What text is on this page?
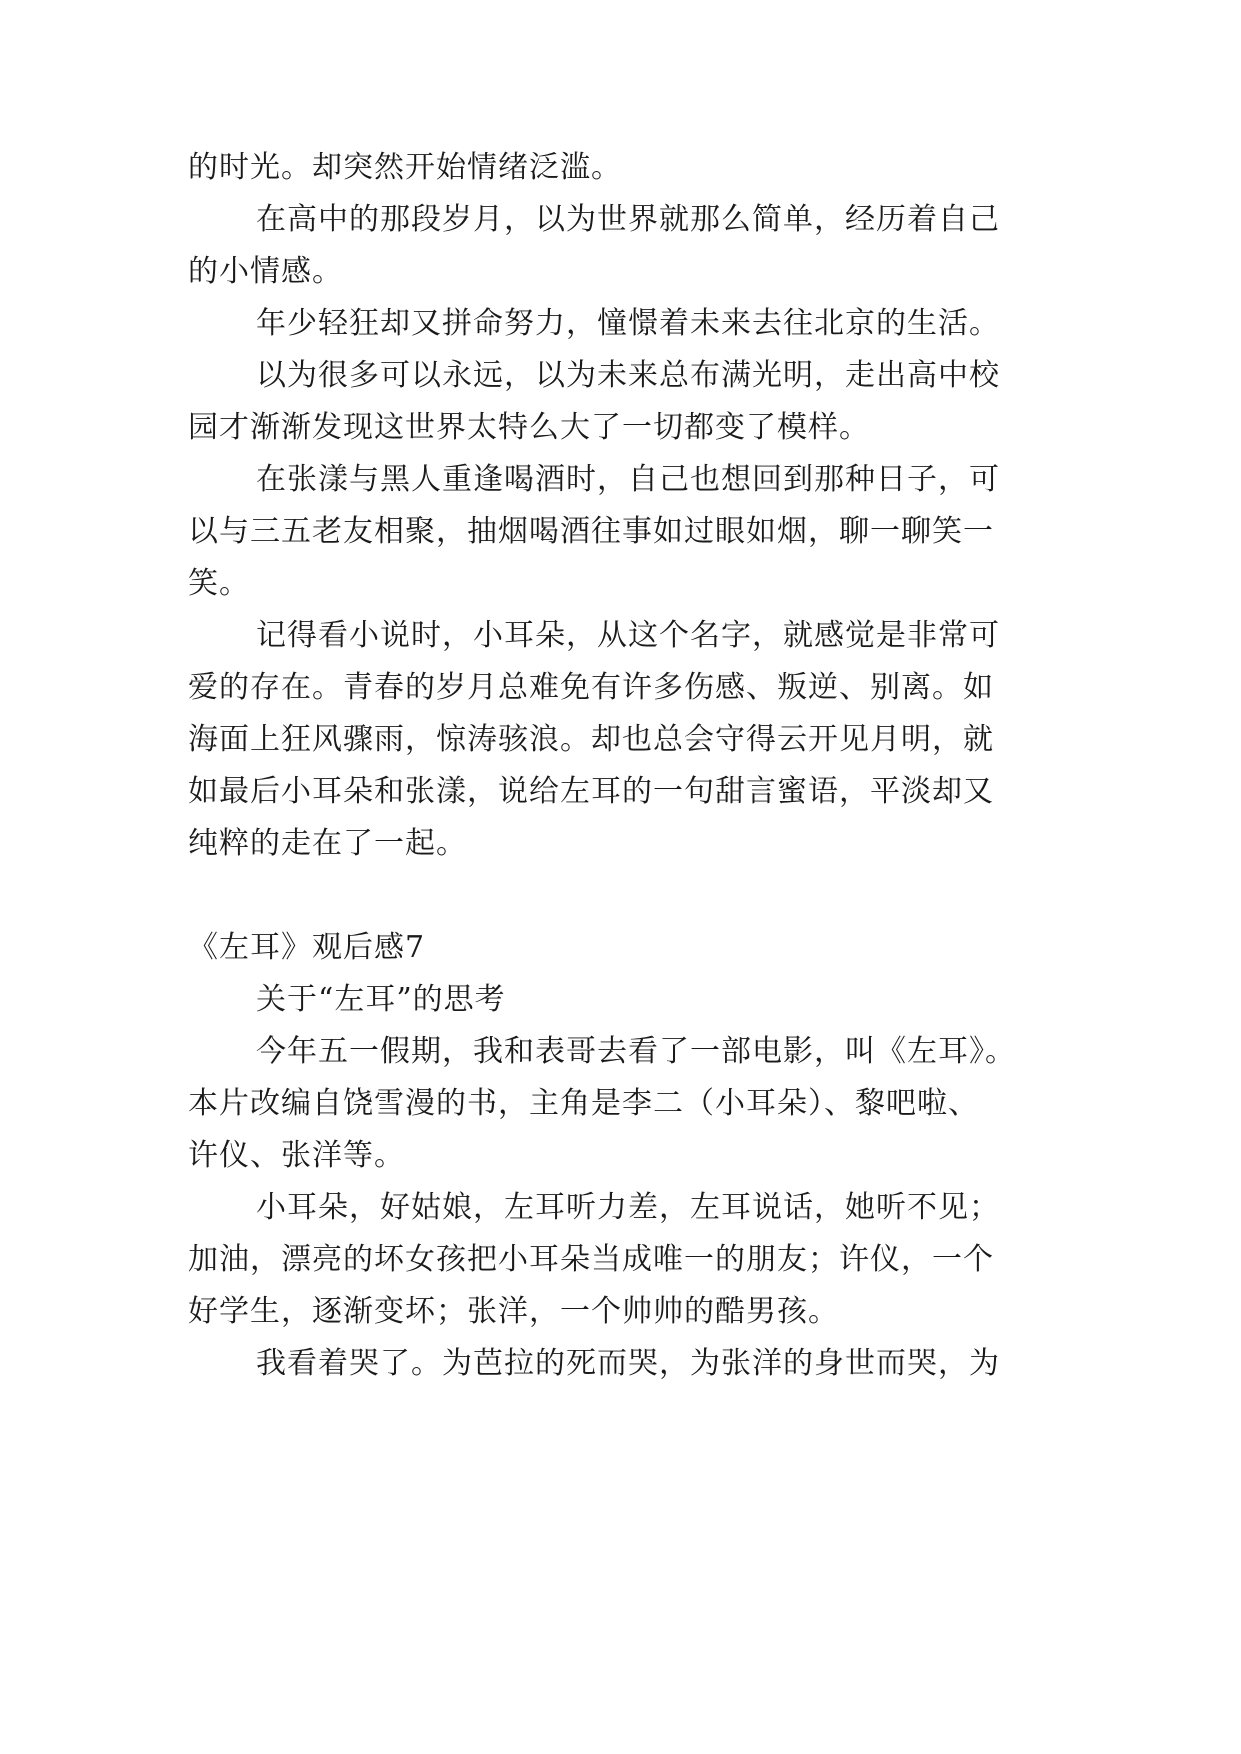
的时光。却突然开始情绪泛滥。
在高中的那段岁月，以为世界就那么简单，经历着自己
的小情感。
年少轻狂却又拼命努力，憧憬着未来去往北京的生活。
以为很多可以永远，以为未来总布满光明，走出高中校
园才渐渐发现这世界太特么大了一切都变了模样。
在张漾与黑人重逢喝酒时，自己也想回到那种日子，可
以与三五老友相聚，抽烟喝酒往事如过眼如烟，聊一聊笑一
笑。
记得看小说时，小耳朵，从这个名字，就感觉是非常可
爱的存在。青春的岁月总难免有许多伤感、叛逆、别离。如
海面上狂风骤雨，惊涛骇浪。却也总会守得云开见月明，就
如最后小耳朵和张漾，说给左耳的一句甜言蜜语，平淡却又
纯粹的走在了一起。
《左耳》观后感7
关于“左耳”的思考
今年五一假期，我和表哥去看了一部电影，叫《左耳》。
本片改编自饶雪漫的书，主角是李二（小耳朵）、黎吧啦、
许仪、张洋等。
小耳朵，好姑娘，左耳听力差，左耳说话，她听不见；
加油，漂亮的坏女孩把小耳朵当成唯一的朋友；许仪，一个
好学生，逐渐变坏；张洋，一个帅帅的酷男孩。
我看着哭了。为芭拉的死而哭，为张洋的身世而哭，为
